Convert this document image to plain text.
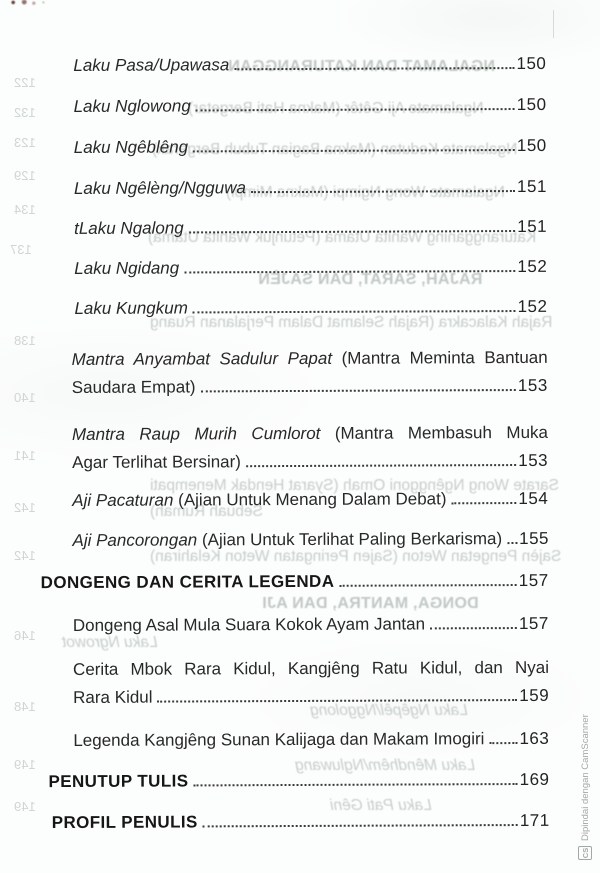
NGALAMAT DAN KATURANGGAN
Ngalamate Aji Gêtêr (Makna Hati Bergetar)
Ngalamate Kedutan (Makna Bagian Tubuh Bergerak)
Ngalamate Wong Ngimpi (Makna Mimpi)
Katurangganing Wanita Utama (Petunjuk Wanita Utama)
RAJAH, SARAT, DAN SAJÈN
Rajah Kalacakra (Rajah Selamat Dalam Perjalanan Ruang
Sarate Wong Ngênggoni Omah (Syarat Hendak Menempati
Sebuah Rumah)
Sajèn Pengetan Weton (Sajen Peringatan Weton Kelahiran)
DONGA, MANTRA, DAN AJI
Laku Ngrowot
Laku Ngêpêl/Nggolong
Laku Mêndhêm/Ngluwang
Laku Pati Gêni
122
132
123
129
134
137
138
140
141
142
142
146
148
149
149
Laku Pasa/Upawasa	150
Laku Nglowong	150
Laku Ngêblêng	150
Laku Ngêlèng/Ngguwa	151
tLaku Ngalong	151
Laku Ngidang	152
Laku Kungkum	152
Mantra Anyambat Sadulur Papat (Mantra Meminta Bantuan
Saudara Empat)	153
Mantra Raup Murih Cumlorot (Mantra Membasuh Muka
Agar Terlihat Bersinar)	153
Aji Pacaturan
(Ajian Untuk Menang Dalam Debat)	154
Aji Pancorongan
(Ajian Untuk Terlihat Paling Berkarisma) 155
DONGENG DAN CERITA LEGENDA	157
Dongeng Asal Mula Suara Kokok Ayam Jantan	157
Cerita Mbok Rara Kidul, Kangjêng Ratu Kidul, dan Nyai
Rara Kidul	159
Legenda Kangjêng Sunan Kalijaga dan Makam Imogiri 163
PENUTUP TULIS	169
PROFIL PENULIS	171
CS
Dipindai dengan CamScanner
